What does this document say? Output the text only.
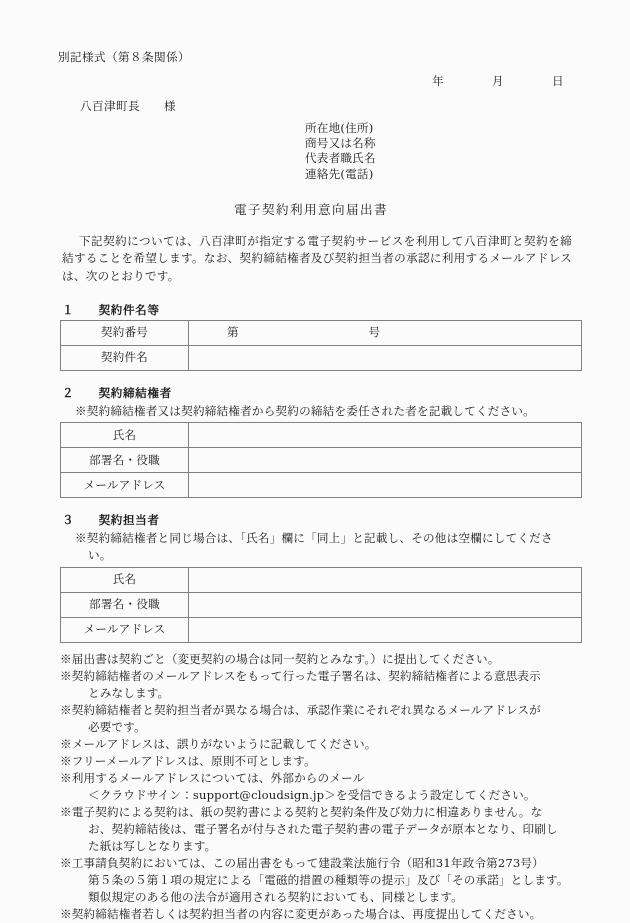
別記様式（第８条関係）
年　　　　月　　　　日
八百津町長　　様
所在地(住所)
商号又は名称
代表者職氏名
連絡先(電話)
電子契約利用意向届出書
下記契約については、八百津町が指定する電子契約サービスを利用して八百津町と契約を締結することを希望します。なお、契約締結権者及び契約担当者の承認に利用するメールアドレスは、次のとおりです。
１　　 契約件名等
契約番号	第　　　　　　　　　　　号

契約件名	
２　　 契約締結権者
※契約締結権者又は契約締結権者から契約の締結を委任された者を記載してください。
氏名	
部署名・役職	
メールアドレス	
３　　 契約担当者
※契約締結権者と同じ場合は、「氏名」欄に「同上」と記載し、その他は空欄にしてください。
氏名	
部署名・役職	
メールアドレス	
※届出書は契約ごと（変更契約の場合は同一契約とみなす。）に提出してください。
※契約締結権者のメールアドレスをもって行った電子署名は、契約締結権者による意思表示
とみなします。
※契約締結権者と契約担当者が異なる場合は、承認作業にそれぞれ異なるメールアドレスが
必要です。
※メールアドレスは、誤りがないように記載してください。
※フリーメールアドレスは、原則不可とします。
※利用するメールアドレスについては、外部からのメール
＜クラウドサイン：support@cloudsign.jp＞を受信できるよう設定してください。
※電子契約による契約は、紙の契約書による契約と契約条件及び効力に相違ありません。な
お、契約締結後は、電子署名が付与された電子契約書の電子データが原本となり、印刷し
た紙は写しとなります。
※工事請負契約においては、この届出書をもって建設業法施行令（昭和31年政令第273号）
第５条の５第１項の規定による「電磁的措置の種類等の提示」及び「その承諾」とします。
類似規定のある他の法令が適用される契約においても、同様とします。
※契約締結権者若しくは契約担当者の内容に変更があった場合は、再度提出してください。
